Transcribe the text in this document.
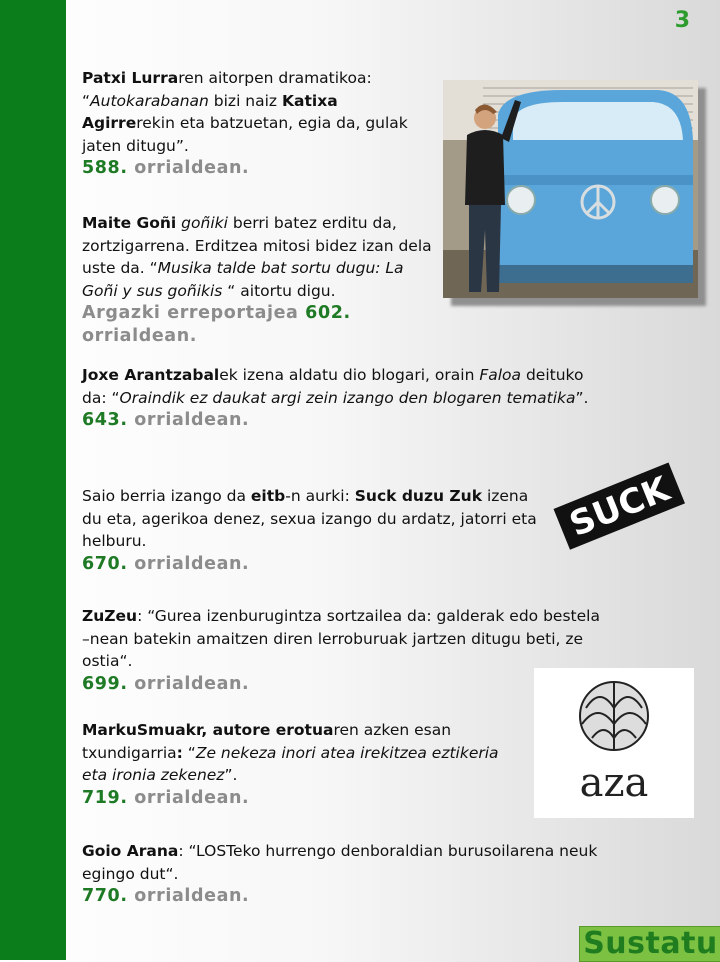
3
Patxi Lurraren aitorpen dramatikoa:
“Autokarabanan bizi naiz Katixa Agirrerekin eta batzuetan, egia da, gulak jaten ditugu”.
588. orrialdean.
Maite Goñi goñiki berri batez erditu da, zortzigarrena. Erditzea mitosi bidez izan dela uste da. “Musika talde bat sortu dugu: La Goñi y sus goñikis “ aitortu digu.
Argazki erreportajea 602. orrialdean.
Joxe Arantzabalek izena aldatu dio blogari, orain Faloa deituko da: “Oraindik ez daukat argi zein izango den blogaren tematika”.
643. orrialdean.
Saio berria izango da eitb-n aurki: Suck duzu Zuk izena du eta, agerikoa denez, sexua izango du ardatz, jatorri eta helburu.
670. orrialdean.
ZuZeu: “Gurea izenburugintza sortzailea da: galderak edo bestela –nean batekin amaitzen diren lerroburuak jartzen ditugu beti, ze ostia“.
699. orrialdean.
MarkuSmuakr, autore erotuaren azken esan txundigarria: “Ze nekeza inori atea irekitzea eztikeria eta ironia zekenez”.
719. orrialdean.
Goio Arana: “LOSTeko hurrengo denboraldian burusoilarena neuk egingo dut“.
770. orrialdean.
SUCK
aza
Sustatu
